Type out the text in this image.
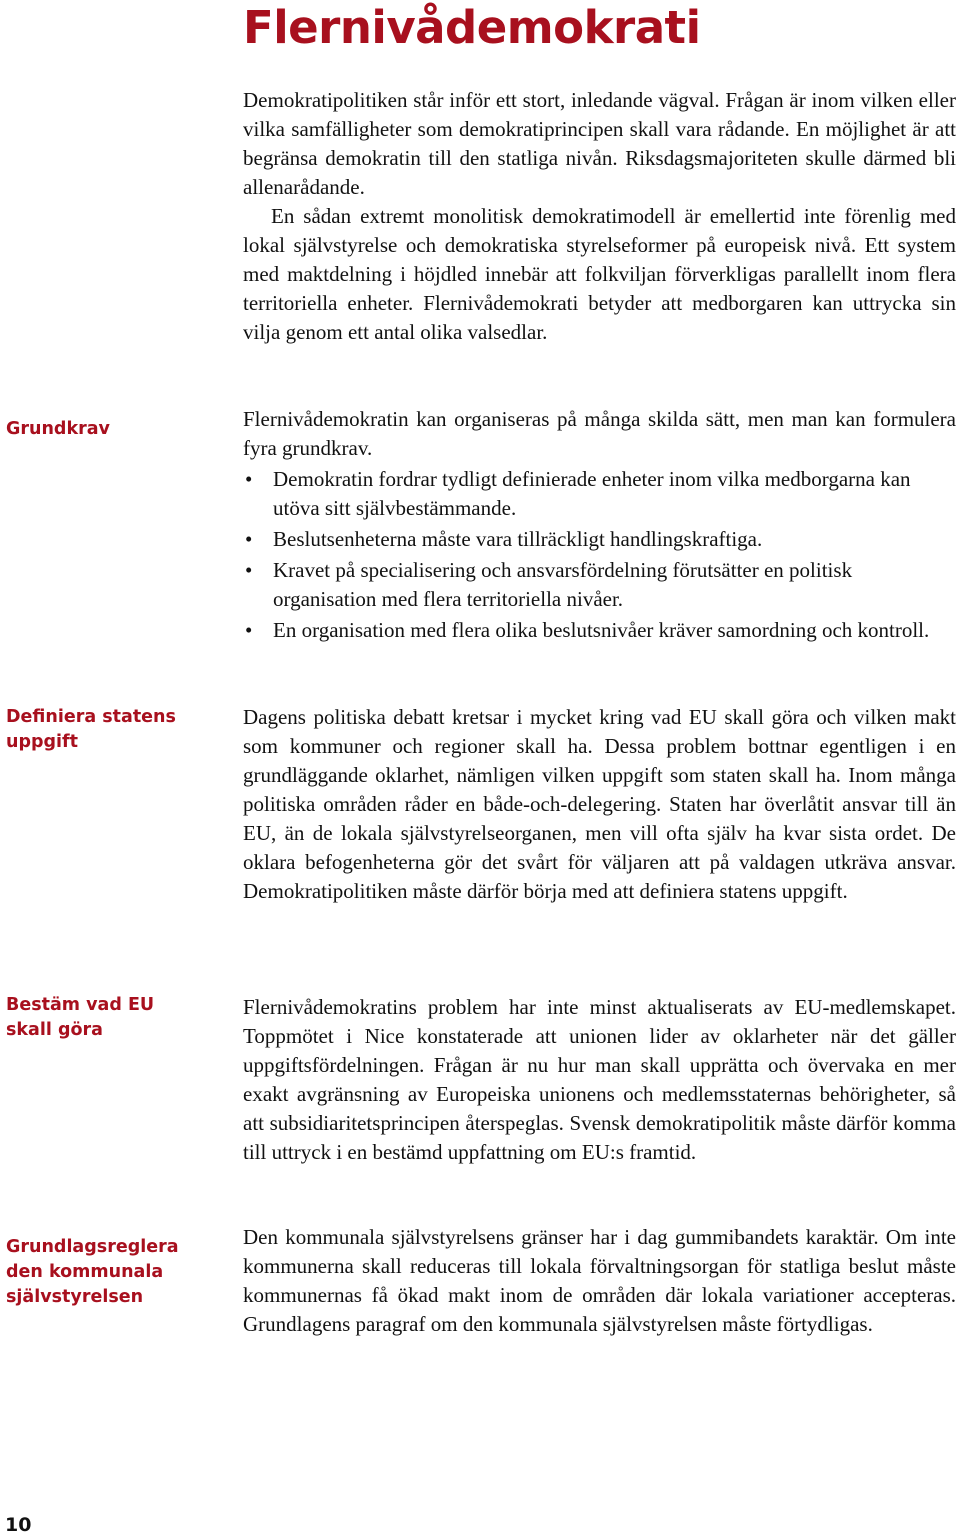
Flernivådemokrati

Demokratipolitiken står inför ett stort, inledande vägval. Frågan är inom vilken eller vilka samfälligheter som demokratiprincipen skall vara rådande. En möjlighet är att begränsa demokratin till den statliga nivån. Riksdagsmajoriteten skulle därmed bli allenarådande.

En sådan extremt monolitisk demokratimodell är emellertid inte förenlig med lokal självstyrelse och demokratiska styrelseformer på europeisk nivå. Ett system med maktdelning i höjdled innebär att folkviljan förverkligas parallellt inom flera territoriella enheter. Flernivådemokrati betyder att medborgaren kan uttrycka sin vilja genom ett antal olika valsedlar.

Flernivådemokratin kan organiseras på många skilda sätt, men man kan formulera fyra grundkrav.

• Demokratin fordrar tydligt definierade enheter inom vilka medborgarna kan utöva sitt självbestämmande.
• Beslutsenheterna måste vara tillräckligt handlingskraftiga.
• Kravet på specialisering och ansvarsfördelning förutsätter en politisk organisation med flera territoriella nivåer.
• En organisation med flera olika beslutsnivåer kräver samordning och kontroll.

Dagens politiska debatt kretsar i mycket kring vad EU skall göra och vilken makt som kommuner och regioner skall ha. Dessa problem bottnar egentligen i en grundläggande oklarhet, nämligen vilken uppgift som staten skall ha. Inom många politiska områden råder en både-och-delegering. Staten har överlåtit ansvar till än EU, än de lokala självstyrelseorganen, men vill ofta själv ha kvar sista ordet. De oklara befogenheterna gör det svårt för väljaren att på valdagen utkräva ansvar. Demokratipolitiken måste därför börja med att definiera statens uppgift.

Flernivådemokratins problem har inte minst aktualiserats av EU-medlemskapet. Toppmötet i Nice konstaterade att unionen lider av oklarheter när det gäller uppgiftsfördelningen. Frågan är nu hur man skall upprätta och övervaka en mer exakt avgränsning av Europeiska unionens och medlemsstaternas behörigheter, så att subsidiaritetsprincipen återspeglas. Svensk demokratipolitik måste därför komma till uttryck i en bestämd uppfattning om EU:s framtid.

Den kommunala självstyrelsens gränser har i dag gummibandets karaktär. Om inte kommunerna skall reduceras till lokala förvaltningsorgan för statliga beslut måste kommunernas få ökad makt inom de områden där lokala variationer accepteras. Grundlagens paragraf om den kommunala självstyrelsen måste förtydligas.

Grundkrav
Definiera statens uppgift
Bestäm vad EU skall göra
Grundlagsreglera den kommunala självstyrelsen
10
